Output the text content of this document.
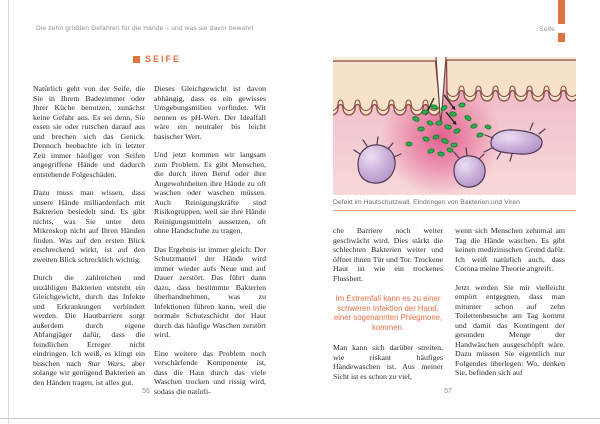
Die zehn größten Gefahren für die Hände – und was sie davor bewahrt	Seife
SEIFE

Natürlich geht von der Seife, die Sie in Ihrem Badezimmer oder Ihrer Küche benutzen, zunächst keine Gefahr aus. Es sei denn, Sie essen sie oder rutschen darauf aus und brechen sich das Genick. Dennoch beobachte ich in letzter Zeit immer häufiger von Seifen angegriffene Hände und dadurch entstehende Folgeschäden.

Dazu muss man wissen, dass unsere Hände milliardenfach mit Bakterien besiedelt sind. Es gibt nichts, was Sie unter dem Mikroskop nicht auf Ihren Händen finden. Was auf den ersten Blick erschreckend wirkt, ist auf den zweiten Blick schrecklich wichtig.

Durch die zahlreichen und unzähligen Bakterien entsteht ein Gleichgewicht, durch das Infekte und Erkrankungen verhindert werden. Die Hautbarriere sorgt außerdem durch eigene Abfangjäger dafür, dass die feindlichen Erreger nicht eindringen. Ich weiß, es klingt ein bisschen nach Star Wars, aber solange wir genügend Bakterien an den Händen tragen, ist alles gut.

Dieses Gleichgewicht ist davon abhängig, dass es ein gewisses Umgebungsmilieu vorfindet. Wir nennen es pH-Wert. Der Idealfall wäre ein neutraler bis leicht basischer Wert.

Und jetzt kommen wir langsam zum Problem. Es gibt Menschen, die durch ihren Beruf oder ihre Angewohnheiten ihre Hände zu oft waschen oder waschen müssen. Auch Reinigungskräfte sind Risikogruppen, weil sie ihre Hände Reinigungsmitteln aussetzen, oft ohne Handschuhe zu tragen.

Das Ergebnis ist immer gleich: Der Schutzmantel der Hände wird immer wieder aufs Neue und auf Dauer zerstört. Das führt dann dazu, dass bestimmte Bakterien überhandnehmen, was zu Infektionen führen kann, weil die normale Schutzschicht der Haut durch das häufige Waschen zerstört wird.

Eine weitere das Problem noch verschärfende Komponente ist, dass die Haut durch das viele Waschen trocken und rissig wird, sodass die natürli-

Defekt im Hautschutzwall. Eindringen von Bakterien und Viren

che Barriere noch weiter geschwächt wird. Dies stärkt die schlechten Bakterien weiter und öffnet ihnen Tür und Tor. Trockene Haut ist wie ein trockenes Flussbett.

Im Extremfall kann es zu einer schweren Infektion der Hand, einer sogenannten Phlegmone, kommen.

Man kann sich darüber streiten, wie riskant häufiges Händewaschen ist. Aus meiner Sicht ist es schon zu viel,

wenn sich Menschen zehnmal am Tag die Hände waschen. Es gibt keinen medizinischen Grund dafür. Ich weiß natürlich auch, dass Corona meine Theorie angreift.

Jetzt werden Sie mir vielleicht empört entgegnen, dass man mitunter schon auf zehn Toilettenbesuche am Tag kommt und damit das Kontingent der gesunden Menge der Handwäschen ausgeschöpft wäre. Dazu müssen Sie eigentlich nur Folgendes überlegen: Wo, denken Sie, befinden sich auf

56	57
